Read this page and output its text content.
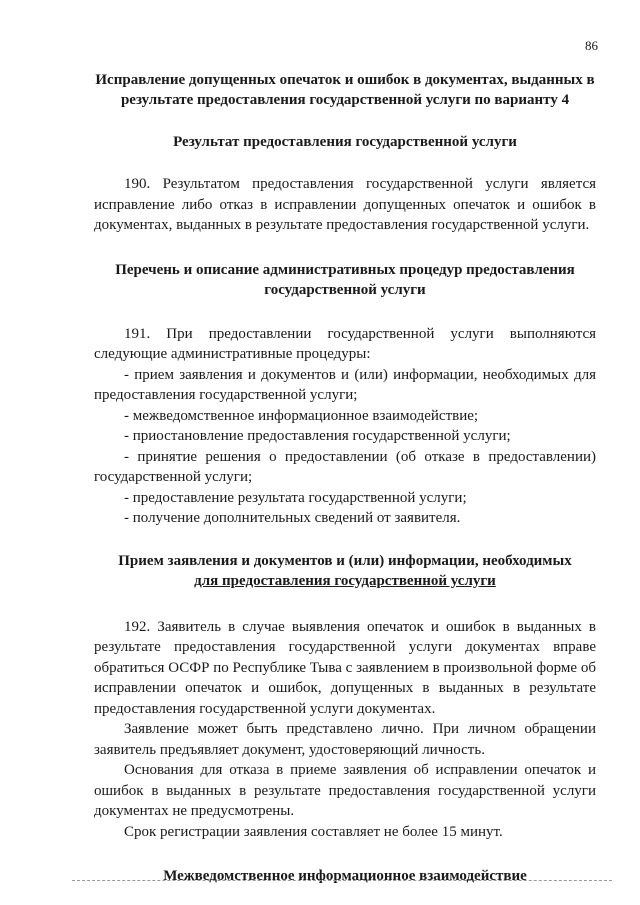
86
Исправление допущенных опечаток и ошибок в документах, выданных в
результате предоставления государственной услуги по варианту 4
Результат предоставления государственной услуги

190. Результатом предоставления государственной услуги является исправление либо отказ в исправлении допущенных опечаток и ошибок в документах, выданных в результате предоставления государственной услуги.

Перечень и описание административных процедур предоставления
государственной услуги

191. При предоставлении государственной услуги выполняются следующие административные процедуры:

- прием заявления и документов и (или) информации, необходимых для предоставления государственной услуги;

- межведомственное информационное взаимодействие;

- приостановление предоставления государственной услуги;

- принятие решения о предоставлении (об отказе в предоставлении) государственной услуги;

- предоставление результата государственной услуги;

- получение дополнительных сведений от заявителя.

Прием заявления и документов и (или) информации, необходимых
для предоставления государственной услуги

192. Заявитель в случае выявления опечаток и ошибок в выданных в результате предоставления государственной услуги документах вправе обратиться ОСФР по Республике Тыва с заявлением в произвольной форме об исправлении опечаток и ошибок, допущенных в выданных в результате предоставления государственной услуги документах.

Заявление может быть представлено лично. При личном обращении заявитель предъявляет документ, удостоверяющий личность.

Основания для отказа в приеме заявления об исправлении опечаток и ошибок в выданных в результате предоставления государственной услуги документах не предусмотрены.

Срок регистрации заявления составляет не более 15 минут.

Межведомственное информационное взаимодействие
